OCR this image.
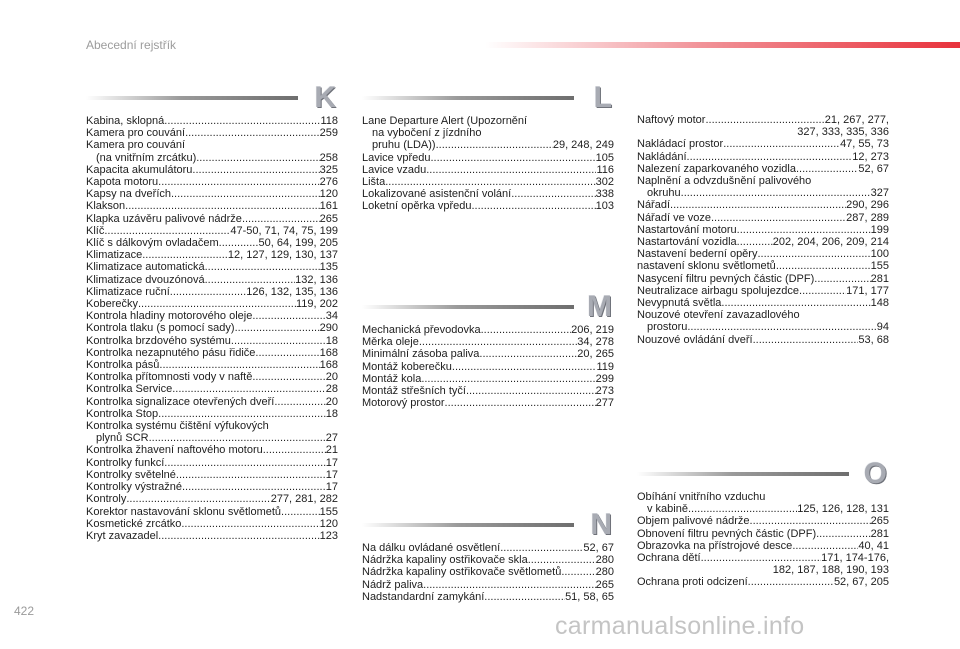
Abecední rejstřík
K
Kabina, sklopná .....	118
Kamera pro couvání .....	259
Kamera pro couvání
(na vnitřním zrcátku) .....	258
Kapacita akumulátoru .....	325
Kapota motoru .....	276
Kapsy na dveřích .....	120
Klakson .....	161
Klapka uzávěru palivové nádrže .....	265
Klíč .....	47-50, 71, 74, 75, 199
Klíč s dálkovým ovladačem .....	50, 64, 199, 205
Klimatizace .....	12, 127, 129, 130, 137
Klimatizace automatická .....	135
Klimatizace dvouzónová .....	132, 136
Klimatizace ruční .....	126, 132, 135, 136
Koberečky .....	119, 202
Kontrola hladiny motorového oleje .....	34
Kontrola tlaku (s pomocí sady) .....	290
Kontrolka brzdového systému .....	18
Kontrolka nezapnutého pásu řidiče .....	168
Kontrolka pásů .....	168
Kontrolka přítomnosti vody v naftě .....	20
Kontrolka Service .....	28
Kontrolka signalizace otevřených dveří .....	20
Kontrolka Stop .....	18
Kontrolka systému čištění výfukových
plynů SCR .....	27
Kontrolka žhavení naftového motoru .....	21
Kontrolky funkcí .....	17
Kontrolky světelné .....	17
Kontrolky výstražné .....	17
Kontroly .....	277, 281, 282
Korektor nastavování sklonu světlometů .....	155
Kosmetické zrcátko .....	120
Kryt zavazadel .....	123
L
Lane Departure Alert (Upozornění
na vybočení z jízdního
pruhu (LDA)) .....	29, 248, 249
Lavice vpředu .....	105
Lavice vzadu .....	116
Lišta .....	302
Lokalizované asistenční volání .....	338
Loketní opěrka vpředu .....	103
M
Mechanická převodovka .....	206, 219
Měrka oleje .....	34, 278
Minimální zásoba paliva .....	20, 265
Montáž koberečku .....	119
Montáž kola .....	299
Montáž střešních tyčí .....	273
Motorový prostor .....	277
N
Na dálku ovládané osvětlení .....	52, 67
Nádržka kapaliny ostřikovače skla .....	280
Nádržka kapaliny ostřikovače světlometů .....	280
Nádrž paliva .....	265
Nadstandardní zamykání .....	51, 58, 65
Naftový motor .....	21, 267, 277,
327, 333, 335, 336
Nakládací prostor .....	47, 55, 73
Nakládání .....	12, 273
Nalezení zaparkovaného vozidla .....	52, 67
Naplnění a odvzdušnění palivového
okruhu .....	327
Nářadí .....	290, 296
Nářadí ve voze .....	287, 289
Nastartování motoru .....	199
Nastartování vozidla .....	202, 204, 206, 209, 214
Nastavení bederní opěry .....	100
nastavení sklonu světlometů .....	155
Nasycení filtru pevných částic (DPF) .....	281
Neutralizace airbagu spolujezdce .....	171, 177
Nevypnutá světla .....	148
Nouzové otevření zavazadlového
prostoru .....	94
Nouzové ovládání dveří .....	53, 68
O
Obíhání vnitřního vzduchu
v kabině .....	125, 126, 128, 131
Objem palivové nádrže .....	265
Obnovení filtru pevných částic (DPF) .....	281
Obrazovka na přístrojové desce .....	40, 41
Ochrana dětí .....	171, 174-176,
182, 187, 188, 190, 193
Ochrana proti odcizení .....	52, 67, 205
422
carmanualsonline.info
